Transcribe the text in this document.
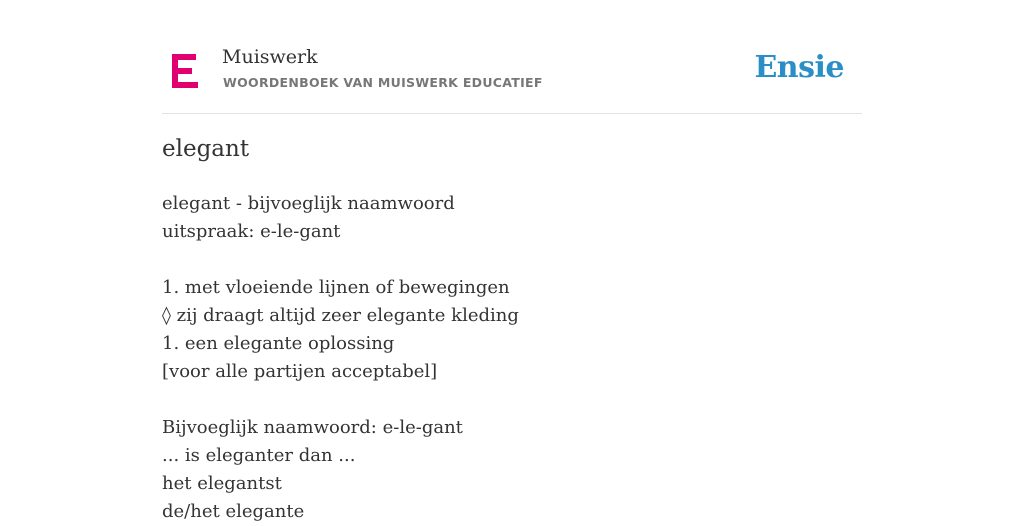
Muiswerk
WOORDENBOEK VAN MUISWERK EDUCATIEF	Ensie
elegant
elegant - bijvoeglijk naamwoord
uitspraak: e-le-gant
1. met vloeiende lijnen of bewegingen
◊ zij draagt altijd zeer elegante kleding
1. een elegante oplossing
[voor alle partijen acceptabel]
Bijvoeglijk naamwoord: e-le-gant
... is eleganter dan ...
het elegantst
de/het elegante
